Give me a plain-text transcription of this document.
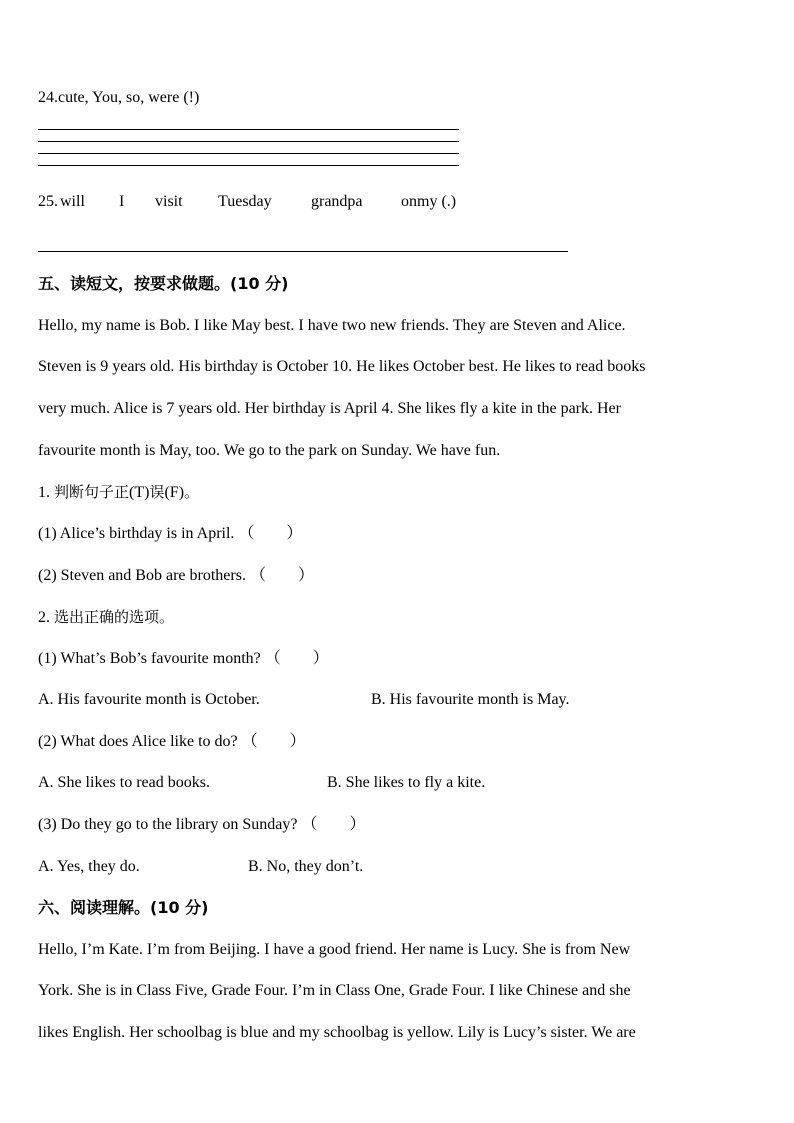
24.cute, You, so, were (!)
25. will I visit Tuesday grandpa onmy (.)
五、读短文，按要求做题。(10 分)
Hello, my name is Bob. I like May best. I have two new friends. They are Steven and Alice.
Steven is 9 years old. His birthday is October 10. He likes October best. He likes to read books
very much. Alice is 7 years old. Her birthday is April 4. She likes fly a kite in the park. Her
favourite month is May, too. We go to the park on Sunday. We have fun.
1. 判断句子正(T)误(F)。
(1) Alice’s birthday is in April. （　　）
(2) Steven and Bob are brothers. （　　）
2. 选出正确的选项。
(1) What’s Bob’s favourite month? （　　）
A. His favourite month is October.	B. His favourite month is May.
(2) What does Alice like to do? （　　）
A. She likes to read books.	B. She likes to fly a kite.
(3) Do they go to the library on Sunday? （　　）
A. Yes, they do.	B. No, they don’t.
六、阅读理解。(10 分)
Hello, I’m Kate. I’m from Beijing. I have a good friend. Her name is Lucy. She is from New
York. She is in Class Five, Grade Four. I’m in Class One, Grade Four. I like Chinese and she
likes English. Her schoolbag is blue and my schoolbag is yellow. Lily is Lucy’s sister. We are
